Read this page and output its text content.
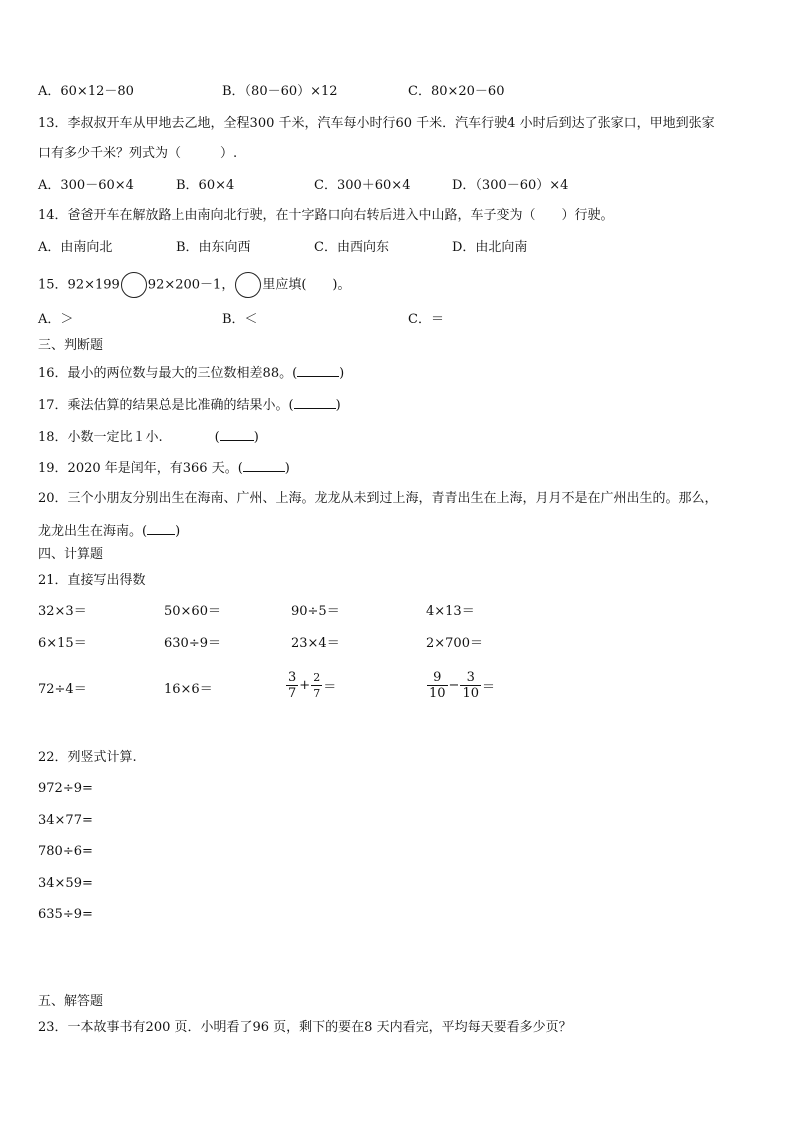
A．60×12－80	B．（80－60）×12	C．80×20－60
13．李叔叔开车从甲地去乙地，全程300 千米，汽车每小时行60 千米．汽车行驶4 小时后到达了张家口，甲地到张家
口有多少千米？列式为（　　　）.
A．300－60×4	B．60×4	C．300＋60×4	D．（300－60）×4
14．爸爸开车在解放路上由南向北行驶，在十字路口向右转后进入中山路，车子变为（　　）行驶。
A．由南向北	B．由东向西	C．由西向东	D．由北向南
15．92×199 92×200－1， 里应填(　　)。
A．＞	B．＜	C．＝
三、判断题
16．最小的两位数与最大的三位数相差88。(	)
17．乘法估算的结果总是比准确的结果小。(	)
18．小数一定比１小.　　　　(	)
19．2020 年是闰年，有366 天。(	)
20．三个小朋友分别出生在海南、广州、上海。龙龙从未到过上海，青青出生在上海，月月不是在广州出生的。那么，
龙龙出生在海南。( )
四、计算题
21．直接写出得数
32×3＝	50×60＝	90÷5＝	4×13＝
6×15＝	630÷9＝	23×4＝	2×700＝
72÷4＝	16×6＝	$\frac{3}{7} + \frac{2}{7}$ ＝	$\frac{9}{10} - \frac{3}{10}$ ＝
22．列竖式计算.
972÷9=
34×77=
780÷6=
34×59=
635÷9=
五、解答题
23．一本故事书有200 页．小明看了96 页，剩下的要在8 天内看完，平均每天要看多少页？
